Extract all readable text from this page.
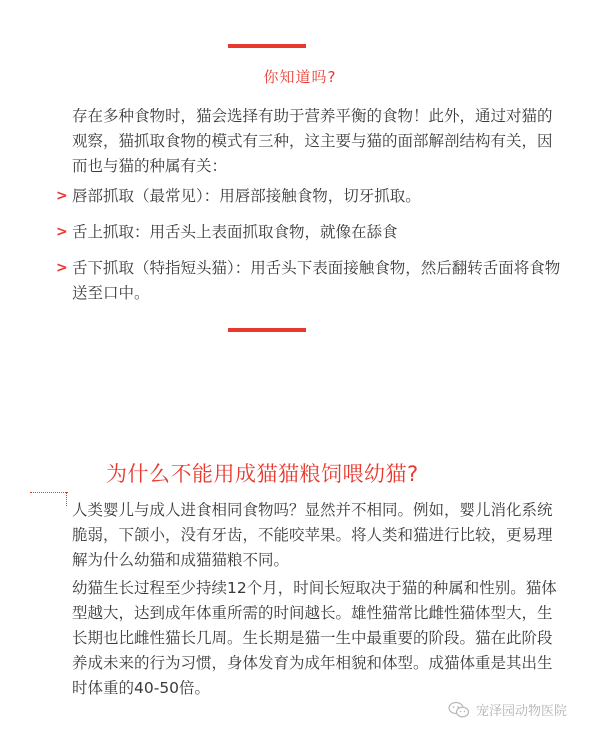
你知道吗?

存在多种食物时，猫会选择有助于营养平衡的食物！此外，通过对猫的观察，猫抓取食物的模式有三种，这主要与猫的面部解剖结构有关，因而也与猫的种属有关：

> 唇部抓取（最常见）：用唇部接触食物，切牙抓取。
> 舌上抓取：用舌头上表面抓取食物，就像在舔食
> 舌下抓取（特指短头猫）：用舌头下表面接触食物，然后翻转舌面将食物送至口中。
为什么不能用成猫猫粮饲喂幼猫?

人类婴儿与成人进食相同食物吗？显然并不相同。例如，婴儿消化系统脆弱，下颌小，没有牙齿，不能咬苹果。将人类和猫进行比较，更易理解为什么幼猫和成猫猫粮不同。

幼猫生长过程至少持续12个月，时间长短取决于猫的种属和性别。猫体型越大，达到成年体重所需的时间越长。雄性猫常比雌性猫体型大，生长期也比雌性猫长几周。生长期是猫一生中最重要的阶段。猫在此阶段养成未来的行为习惯，身体发育为成年相貌和体型。成猫体重是其出生时体重的40-50倍。

宠泽园动物医院
